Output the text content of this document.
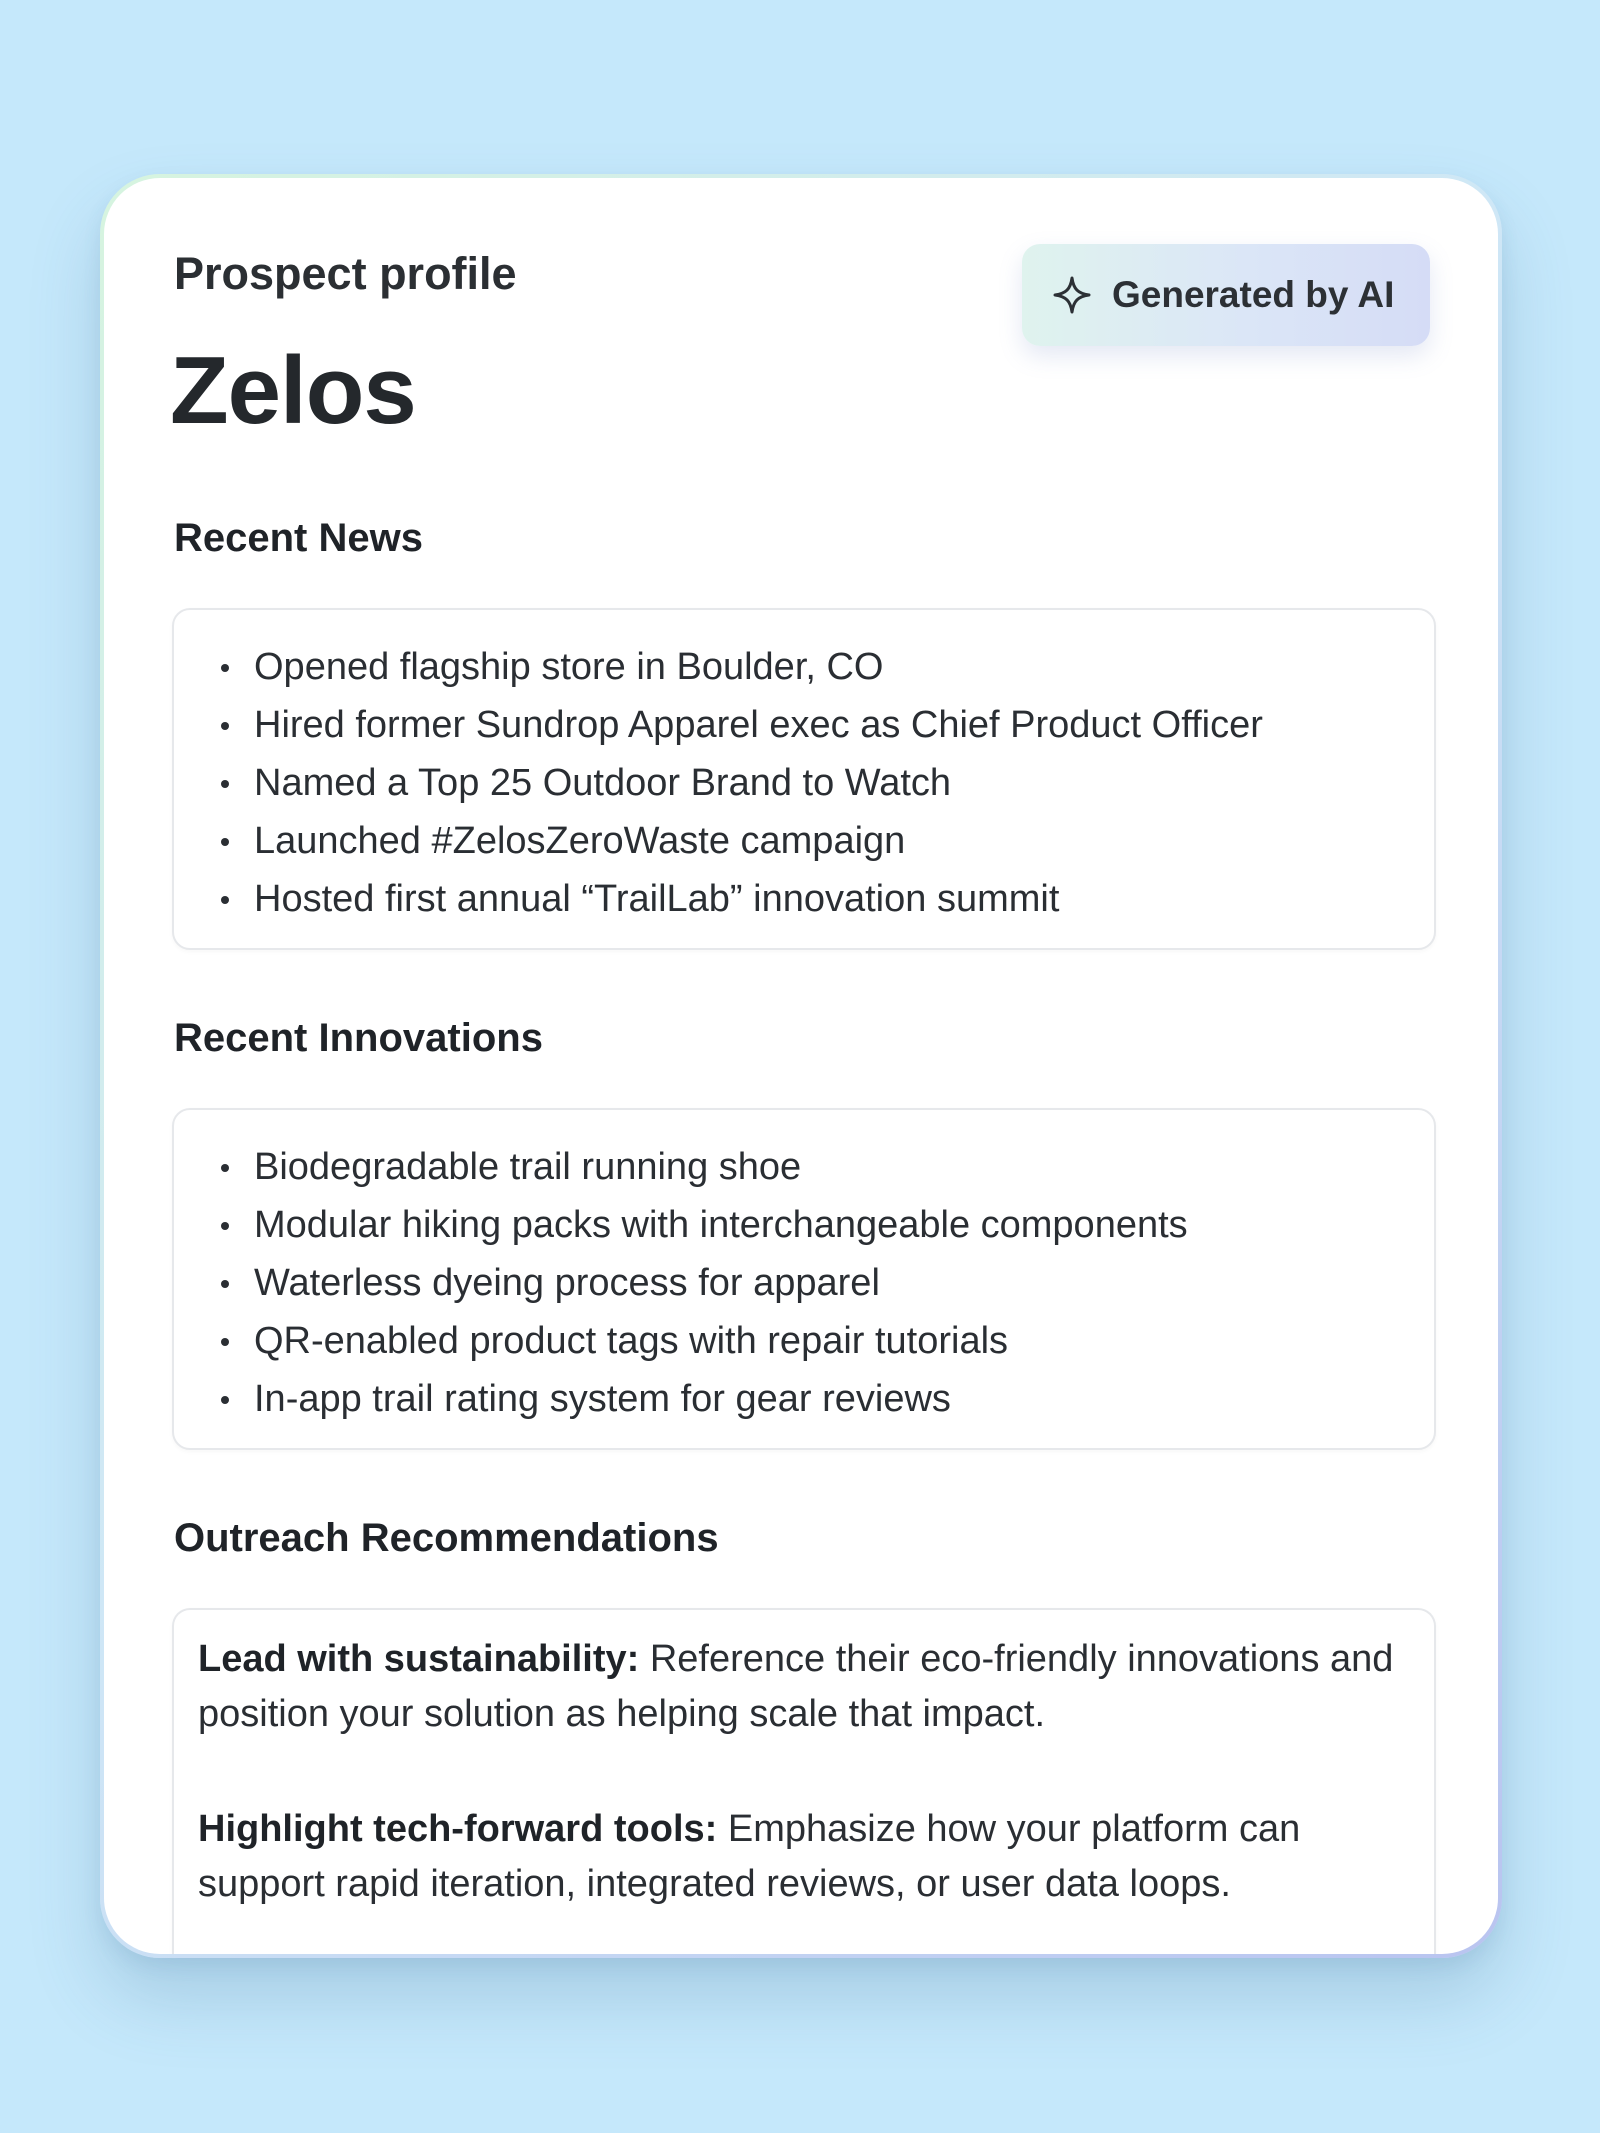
Prospect profile
Zelos
Generated by AI
Recent News
Opened flagship store in Boulder, CO
Hired former Sundrop Apparel exec as Chief Product Officer
Named a Top 25 Outdoor Brand to Watch
Launched #ZelosZeroWaste campaign
Hosted first annual “TrailLab” innovation summit
Recent Innovations
Biodegradable trail running shoe
Modular hiking packs with interchangeable components
Waterless dyeing process for apparel
QR-enabled product tags with repair tutorials
In-app trail rating system for gear reviews
Outreach Recommendations

Lead with sustainability: Reference their eco-friendly innovations and position your solution as helping scale that impact.

Highlight tech-forward tools: Emphasize how your platform can support rapid iteration, integrated reviews, or user data loops.
